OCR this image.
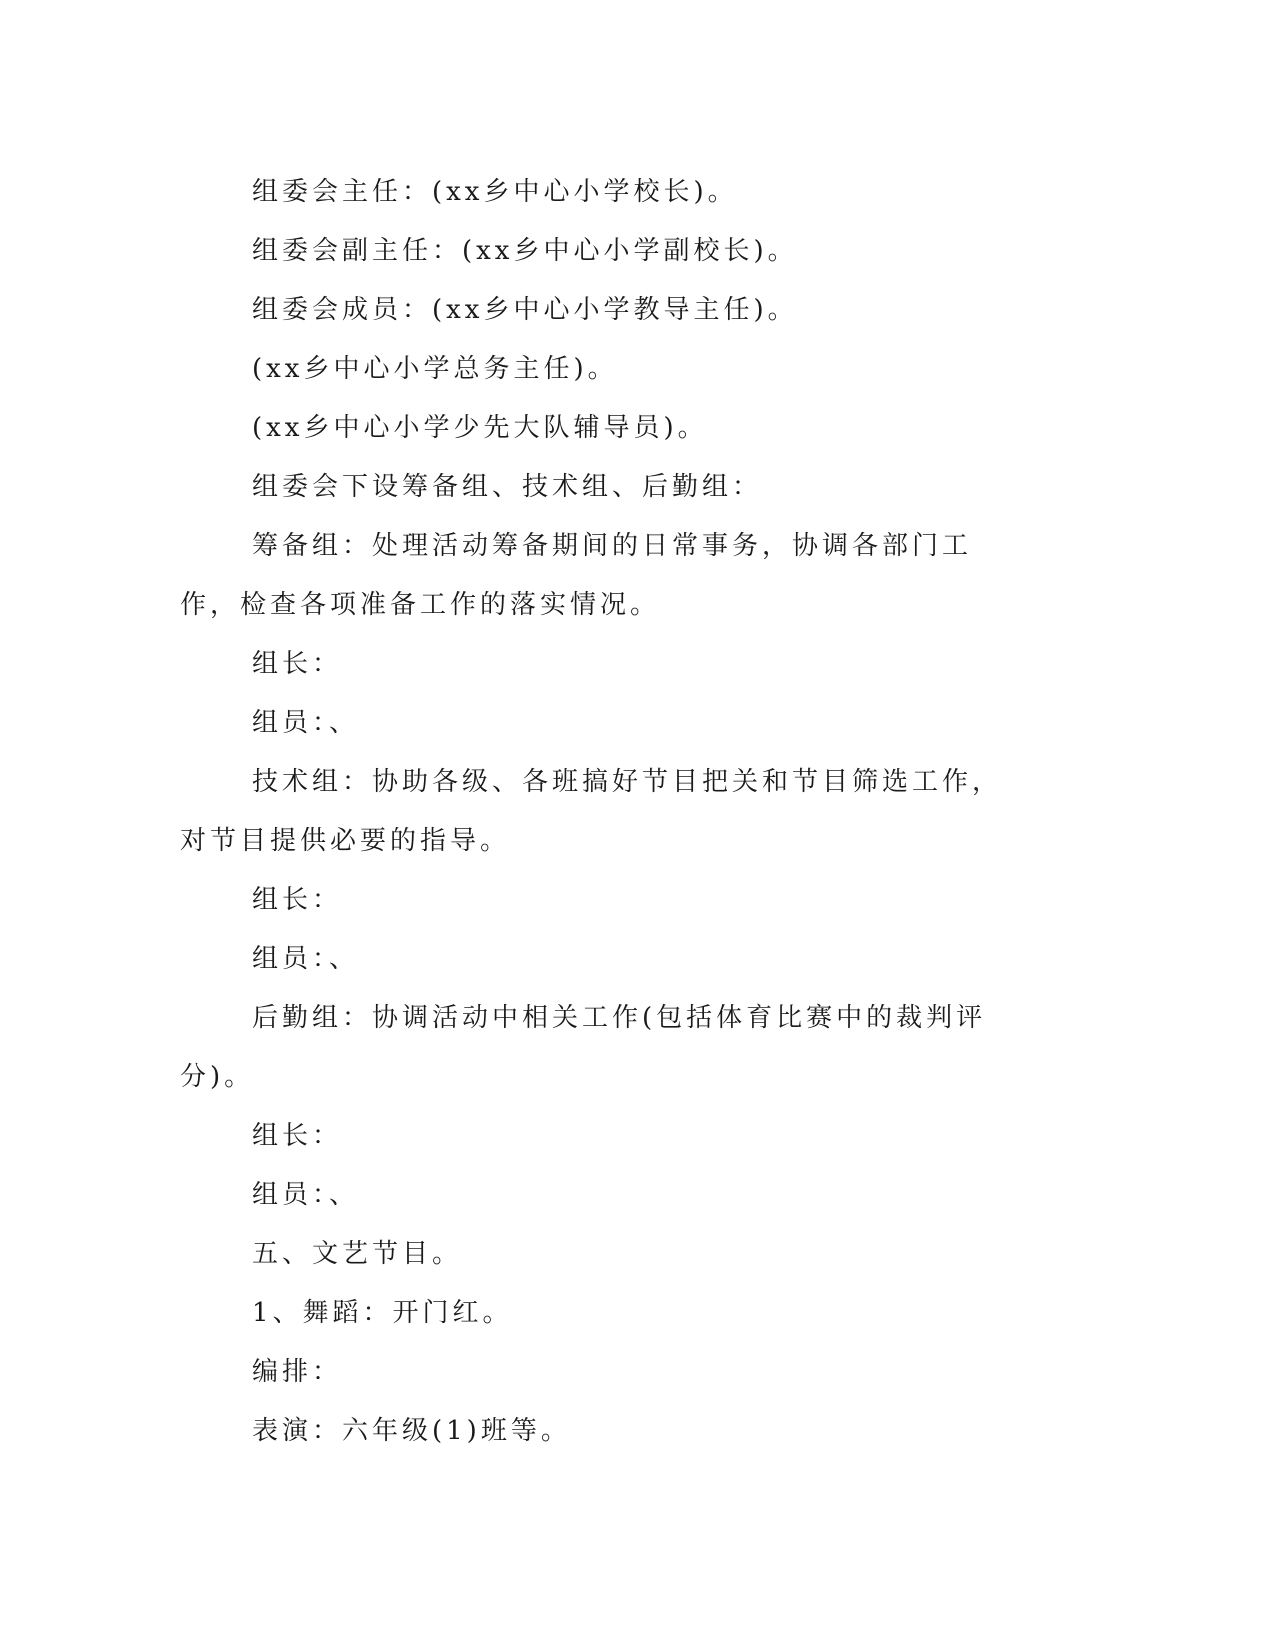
组委会主任：(xx乡中心小学校长)。

组委会副主任：(xx乡中心小学副校长)。

组委会成员：(xx乡中心小学教导主任)。

(xx乡中心小学总务主任)。

(xx乡中心小学少先大队辅导员)。

组委会下设筹备组、技术组、后勤组：

筹备组：处理活动筹备期间的日常事务，协调各部门工作，检查各项准备工作的落实情况。

组长：

组员：、

技术组：协助各级、各班搞好节目把关和节目筛选工作，对节目提供必要的指导。

组长：

组员：、

后勤组：协调活动中相关工作(包括体育比赛中的裁判评分)。

组长：

组员：、

五、文艺节目。

1、舞蹈：开门红。

编排：

表演：六年级(1)班等。
